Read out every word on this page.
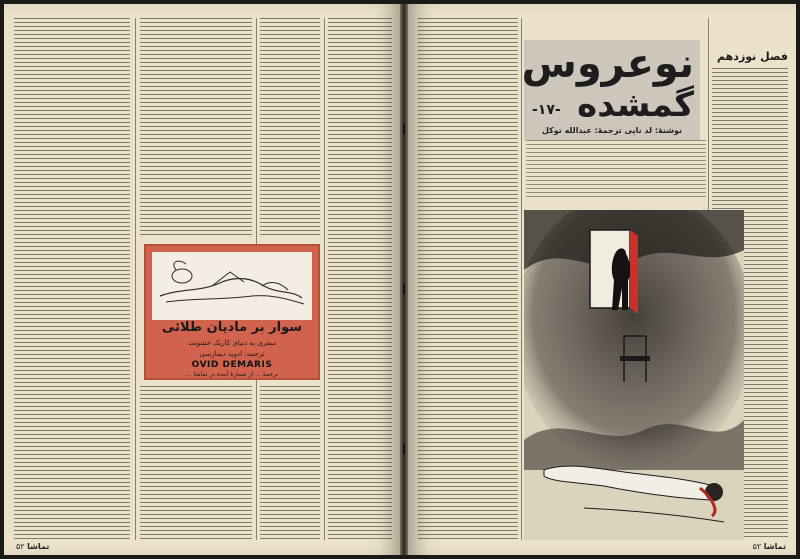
سوار بر مادیان طلائی
سفری به دنیای کاریک خشونت
ترجمه: ادوید دیمارسی
OVID DEMARIS
ترجمهٔ ... از شمارهٔ آینده در تماشا ...
تماشا ۵۲
نوعروس
گمشده
-۱۷-
نوشتهٔ: لد ناپی ترجمهٔ: عبدالله توکل
فصل نوزدهم
۵۲ تماشا
